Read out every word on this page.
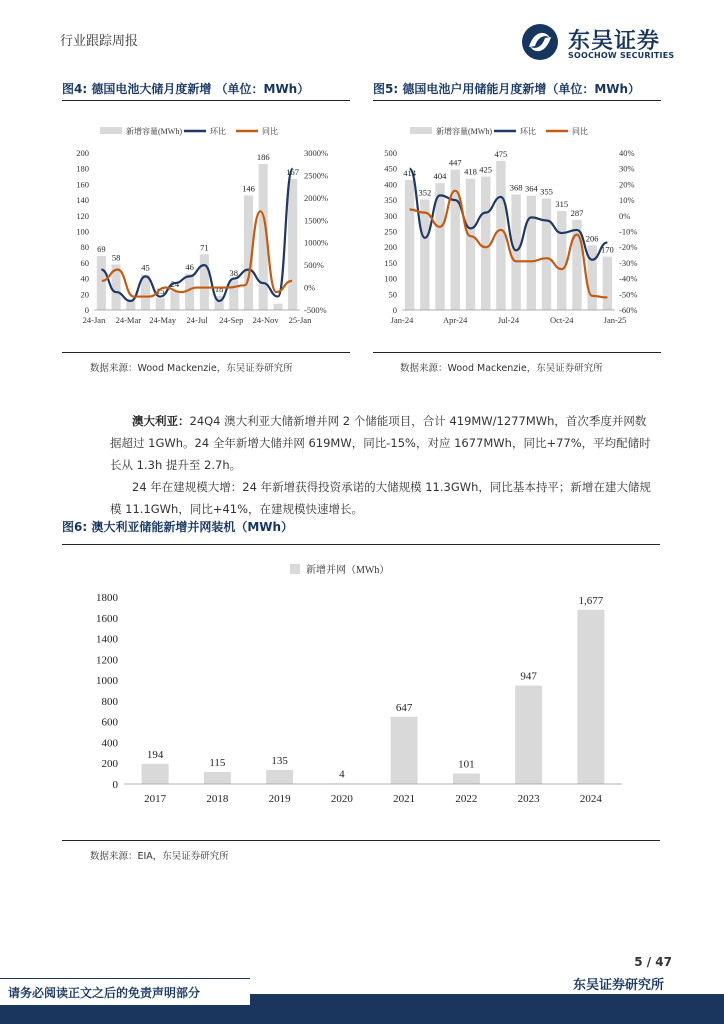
行业跟踪周报	东吴证券
SOOCHOW SECURITIES
图4: 德国电池大储月度新增 （单位：MWh）	图5: 德国电池户用储能月度新增（单位：MWh）
新增容量(MWh)	环比	同比
0
20
40
60
80
100
120
140
160
180
200
-500%
0%
500%
1000%
1500%
2000%
2500%
3000%
69
58
45
15
24
46
71
18
38
146
186
167
24-Jan 24-Mar 24-May 24-Jul 24-Sep 24-Nov 25-Jan
新增容量(MWh)	环比	同比
0
50
100
150
200
250
300
350
400
450
500
-60%
-50%
-40%
-30%
-20%
-10%
0%
10%
20%
30%
40%
414
352
404
447
418 425
475
368 364 355
315
287
206
170
Jan-24	Apr-24	Jul-24	Oct-24	Jan-25
数据来源：Wood Mackenzie，东吴证券研究所	数据来源：Wood Mackenzie，东吴证券研究所
澳大利亚：24Q4 澳大利亚大储新增并网 2 个储能项目，合计 419MW/1277MWh，首次季度并网数据超过 1GWh。24 全年新增大储并网 619MW，同比-15%，对应 1677MWh，同比+77%，平均配储时长从 1.3h 提升至 2.7h。
24 年在建规模大增：24 年新增获得投资承诺的大储规模 11.3GWh，同比基本持平；新增在建大储规模 11.1GWh，同比+41%，在建规模快速增长。
图6: 澳大利亚储能新增并网装机（MWh）
新增并网（MWh）
0
200
400
600
800
1000
1200
1400
1600
1800
194
2017
115
2018
135
2019
4
2020
647
2021
101
2022
947
2023
1,677
2024
数据来源：EIA，东吴证券研究所
5 / 47
东吴证券研究所
请务必阅读正文之后的免责声明部分
